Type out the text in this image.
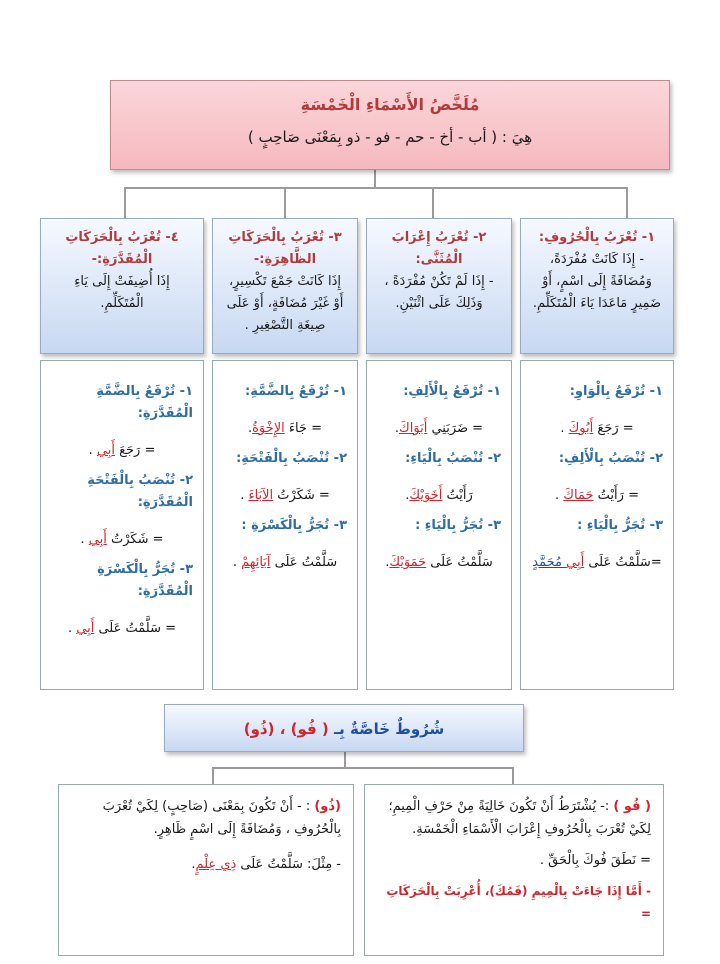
مُلَخَّصُ الأَسْمَاءِ الْخَمْسَةِ
هِيَ : ( أب - أخ - حم - فو - ذو بِمَعْنَى صَاحِبٍ )
١- تُعْرَبُ بِالْحُرُوفِ:
- إِذَا كَانَتْ مُفْرَدَةً، وَمُضَافَةً إِلَى اسْمٍ، أَوْ ضَمِيرٍ مَاعَدَا يَاءَ الْمُتَكَلِّمِ.
٢- تُعْرَبُ إِعْرَابَ الْمُثَنَّى:
- إِذَا لَمْ تَكُنْ مُفْرَدَةً ، وَذَلِكَ عَلَى اثْنَيْنِ.
٣- تُعْرَبُ بِالْحَرَكَاتِ الظَّاهِرَةِ:-
إِذَا كَانَتْ جَمْعَ تَكْسِيرٍ، أَوْ غَيْرَ مُضَافَةٍ، أَوْ عَلَى صِيغَةِ التَّصْغِيرِ .
٤- تُعْرَبُ بِالْحَرَكَاتِ الْمُقَدَّرَةِ:-
إِذَا أُضِيفَتْ إِلَى يَاءِ الْمُتَكَلِّمِ.
١- تُرْفَعُ بِالْوَاوِ:
= رَجَعَ أَبُوكَ .
٢- تُنْصَبُ بِالْأَلِفِ:
= رَأَيْتُ حَمَاكَ .
٣- تُجَرُّ بِالْيَاءِ :
=سَلَّمْتُ عَلَى أَبِي مُحَمَّدٍ
١- تُرْفَعُ بِالْأَلِفِ:
= ضَرَبَنِي أَبَوَاكَ.
٢- تُنْصَبُ بِالْيَاءِ:
رَأَيْتُ أَخَوَيْكَ.
٣- تُجَرُّ بِالْيَاءِ :
سَلَّمْتُ عَلَى حَمَوَيْكَ.
١- تُرْفَعُ بِالضَّمَّةِ:
= جَاءَ الإِخْوَةُ.
٢- تُنْصَبُ بِالْفَتْحَةِ:
= شَكَرْتُ الآبَاءَ .
٣- تُجَرُّ بِالْكَسْرَةِ :
سَلَّمْتُ عَلَى آبَائِهِمْ .
١- تُرْفَعُ بِالضَّمَّةِ الْمُقَدَّرَةِ:
= رَجَعَ أَبِي .
٢- تُنْصَبُ بِالْفَتْحَةِ الْمُقَدَّرَةِ:
= شَكَرْتُ أَبِي .
٣- تُجَرُّ بِالْكَسْرَةِ الْمُقَدَّرَةِ:
= سَلَّمْتُ عَلَى أَبِي .
شُرُوطٌ خَاصَّةٌ بِـ ( فُو) ، (ذُو)
( فُو ) :- يُشْتَرَطُ أَنْ تَكُونَ خَالِيَةً مِنْ حَرْفِ الْمِيمِ؛ لِكَيْ تُعْرَبَ بِالْحُرُوفِ إِعْرَابَ الْأَسْمَاءِ الْخَمْسَةِ.
= نَطَقَ فُوكَ بِالْحَقِّ .
- أَمَّا إِذَا جَاءَتْ بِالْمِيمِ (فَمُكَ)، أُعْرِبَتْ بِالْحَرَكَاتِ =
(ذُو) : - أَنْ تَكُونَ بِمَعْنَى (صَاحِبٍ) لِكَيْ تُعْرَبَ بِالْحُرُوفِ ، وَمُضَافَةً إِلَى اسْمٍ ظَاهِرٍ.
- مِثْلَ: سَلَّمْتُ عَلَى ذِي عِلْمٍ.
